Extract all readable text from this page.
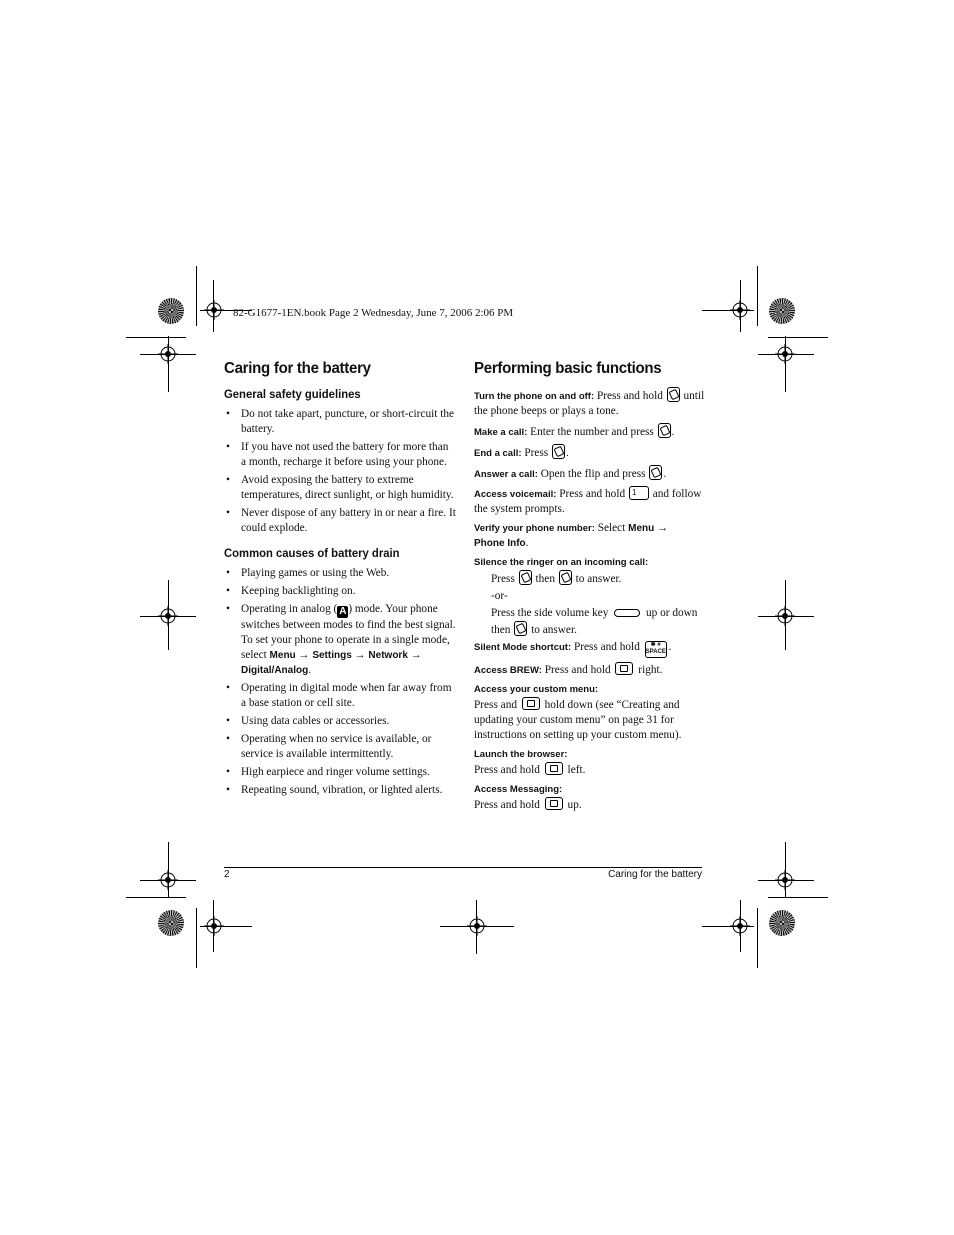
82-G1677-1EN.book Page 2 Wednesday, June 7, 2006 2:06 PM
Caring for the battery
General safety guidelines
• Do not take apart, puncture, or short-circuit the battery.
• If you have not used the battery for more than a month, recharge it before using your phone.
• Avoid exposing the battery to extreme temperatures, direct sunlight, or high humidity.
• Never dispose of any battery in or near a fire. It could explode.
Common causes of battery drain
• Playing games or using the Web.
• Keeping backlighting on.
• Operating in analog ( A ) mode. Your phone switches between modes to find the best signal. To set your phone to operate in a single mode, select Menu → Settings → Network → Digital/Analog.
• Operating in digital mode when far away from a base station or cell site.
• Using data cables or accessories.
• Operating when no service is available, or service is available intermittently.
• High earpiece and ringer volume settings.
• Repeating sound, vibration, or lighted alerts.
Performing basic functions

Turn the phone on and off: Press and hold  until the phone beeps or plays a tone.

Make a call: Enter the number and press .

End a call: Press .

Answer a call: Open the flip and press .

Access voicemail: Press and hold 1 and follow the system prompts.

Verify your phone number: Select Menu →
Phone Info.

Silence the ringer on an incoming call:

Press  then  to answer.

-or-

Press the side volume key	up or down then  to answer.

Silent Mode shortcut: Press and hold ✱ #
SPACE .

Access BREW: Press and hold  right.

Access your custom menu:

Press and  hold down (see “Creating and updating your custom menu” on page 31 for instructions on setting up your custom menu).

Launch the browser:

Press and hold  left.

Access Messaging:

Press and hold  up.

2	Caring for the battery
